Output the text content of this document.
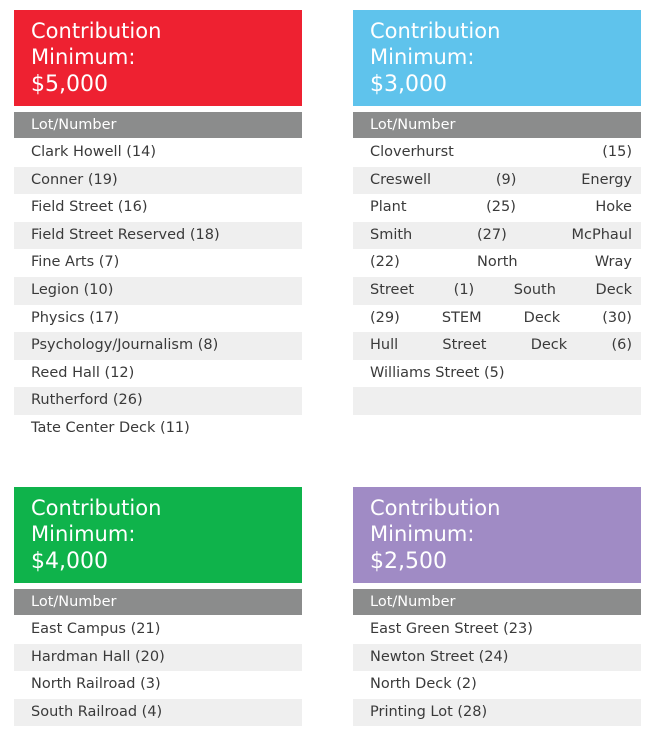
Contribution
Minimum:
$5,000
Lot/Number
Clark Howell (14)
Conner (19)
Field Street (16)
Field Street Reserved (18)
Fine Arts (7)
Legion (10)
Physics (17)
Psychology/Journalism (8)
Reed Hall (12)
Rutherford (26)
Tate Center Deck (11)
Contribution
Minimum:
$3,000
Lot/Number
Cloverhurst	(15)
Creswell	(9)	Energy
Plant	(25)	Hoke
Smith	(27)	McPhaul
(22)	North	Wray
Street	(1)	South	Deck
(29)	STEM	Deck	(30)
Hull	Street	Deck	(6)
Williams Street (5)
Contribution
Minimum:
$4,000
Lot/Number
East Campus (21)
Hardman Hall (20)
North Railroad (3)
South Railroad (4)
Contribution
Minimum:
$2,500
Lot/Number
East Green Street (23)
Newton Street (24)
North Deck (2)
Printing Lot (28)
